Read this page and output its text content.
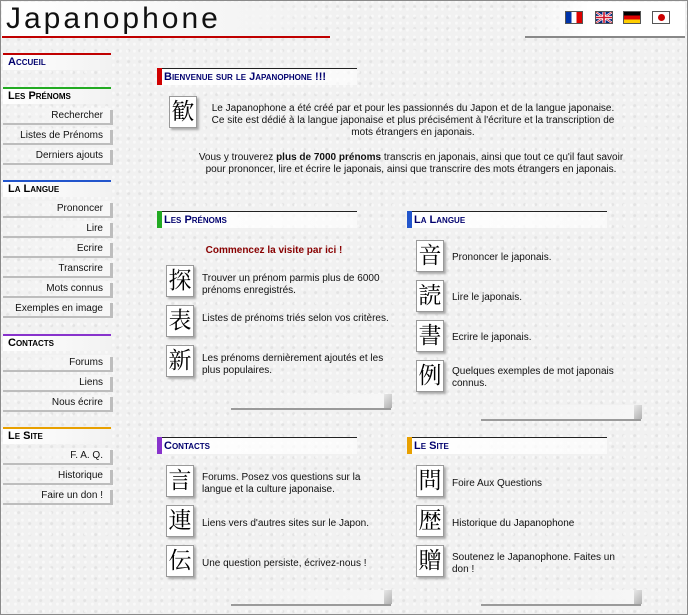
Japanophone
Accueil
Les Prénoms
Rechercher
Listes de Prénoms
Derniers ajouts
La Langue
Prononcer
Lire
Ecrire
Transcrire
Mots connus
Exemples en image
Contacts
Forums
Liens
Nous écrire
Le Site
F. A. Q.
Historique
Faire un don !
Bienvenue sur le Japanophone !!!
歓	Le Japanophone a été créé par et pour les passionnés du Japon et de la langue japonaise. Ce site est dédié à la langue japonaise et plus précisément à l'écriture et la transcription de mots étrangers en japonais.
Vous y trouverez plus de 7000 prénoms transcris en japonais, ainsi que tout ce qu'il faut savoir pour prononcer, lire et écrire le japonais, ainsi que transcrire des mots étrangers en japonais.
Les Prénoms
Commencez la visite par ici !
探 Trouver un prénom parmis plus de 6000 prénoms enregistrés.
表 Listes de prénoms triés selon vos critères.
新 Les prénoms dernièrement ajoutés et les plus populaires.
La Langue
音 Prononcer le japonais.
読 Lire le japonais.
書 Ecrire le japonais.
例 Quelques exemples de mot japonais connus.
Contacts
言 Forums. Posez vos questions sur la langue et la culture japonaise.
連 Liens vers d'autres sites sur le Japon.
伝 Une question persiste, écrivez-nous !
Le Site
問 Foire Aux Questions
歴 Historique du Japanophone
贈 Soutenez le Japanophone. Faites un don !
